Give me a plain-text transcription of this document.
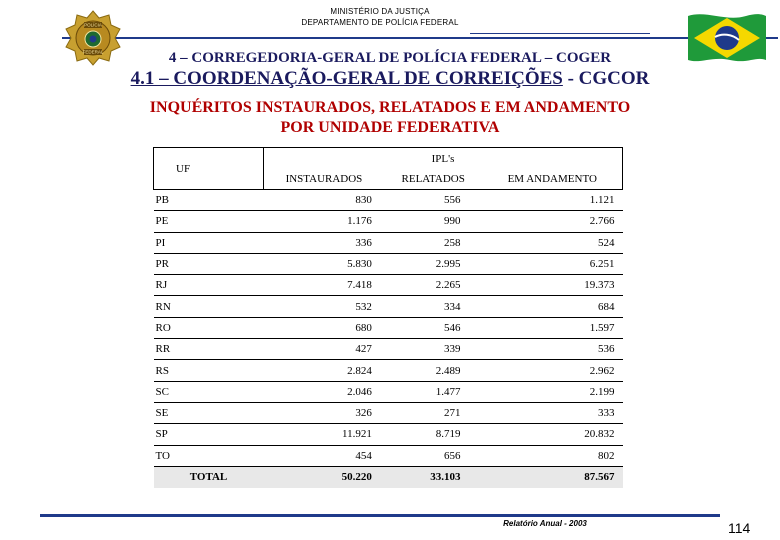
MINISTÉRIO DA JUSTIÇA
DEPARTAMENTO DE POLÍCIA FEDERAL
POLÍCIA
FEDERAL	4 – CORREGEDORIA-GERAL DE POLÍCIA FEDERAL – COGER
4.1 – COORDENAÇÃO-GERAL DE CORREIÇÕES - CGCOR
INQUÉRITOS INSTAURADOS, RELATADOS E EM ANDAMENTO
POR UNIDADE FEDERATIVA
UF	IPL's		
	INSTAURADOS	RELATADOS	EM ANDAMENTO
PB	830	556	1.121
PE	1.176	990	2.766
PI	336	258	524
PR	5.830	2.995	6.251
RJ	7.418	2.265	19.373
RN	532	334	684
RO	680	546	1.597
RR	427	339	536
RS	2.824	2.489	2.962
SC	2.046	1.477	2.199
SE	326	271	333
SP	11.921	8.719	20.832
TO	454	656	802
TOTAL	50.220	33.103	87.567
Relatório Anual - 2003	114
